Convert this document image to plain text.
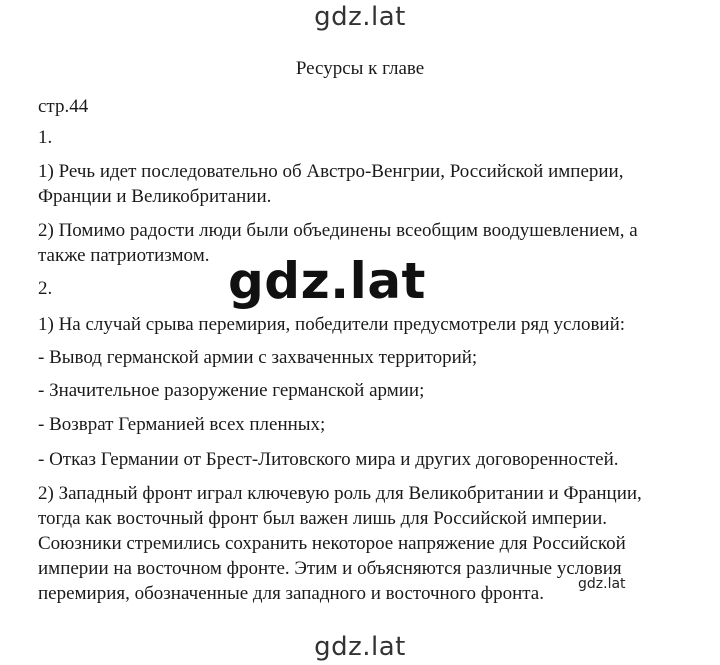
gdz.lat
Ресурсы к главе
стр.44
1.
1) Речь идет последовательно об Австро-Венгрии, Российской империи,
Франции и Великобритании.
2) Помимо радости люди были объединены всеобщим воодушевлением, а
также патриотизмом.
2.
1) На случай срыва перемирия, победители предусмотрели ряд условий:
- Вывод германской армии с захваченных территорий;
- Значительное разоружение германской армии;
- Возврат Германией всех пленных;
- Отказ Германии от Брест-Литовского мира и других договоренностей.
2) Западный фронт играл ключевую роль для Великобритании и Франции,
тогда как восточный фронт был важен лишь для Российской империи.
Союзники стремились сохранить некоторое напряжение для Российской
империи на восточном фронте. Этим и объясняются различные условия
перемирия, обозначенные для западного и восточного фронта.
gdz.lat
gdz.lat
gdz.lat
